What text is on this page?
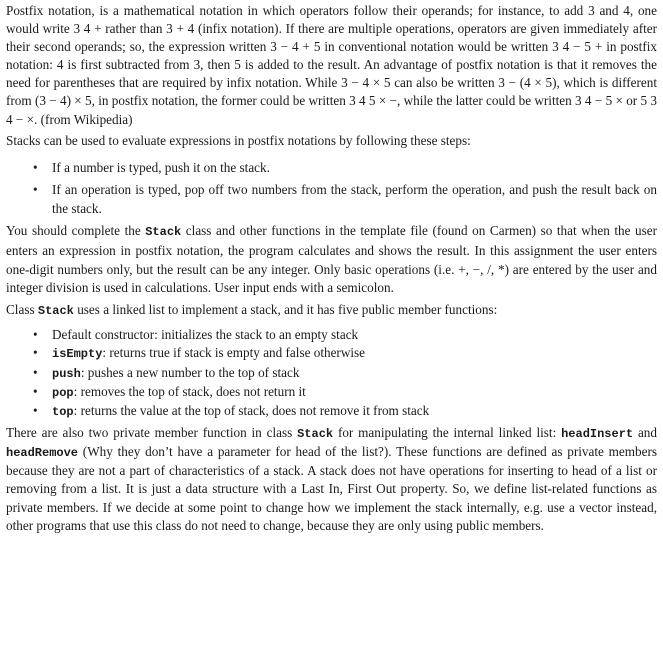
Postfix notation, is a mathematical notation in which operators follow their operands; for instance, to add 3 and 4, one would write 3 4 + rather than 3 + 4 (infix notation). If there are multiple operations, operators are given immediately after their second operands; so, the expression written 3 − 4 + 5 in conventional notation would be written 3 4 − 5 + in postfix notation: 4 is first subtracted from 3, then 5 is added to the result. An advantage of postfix notation is that it removes the need for parentheses that are required by infix notation. While 3 − 4 × 5 can also be written 3 − (4 × 5), which is different from (3 − 4) × 5, in postfix notation, the former could be written 3 4 5 × −, while the latter could be written 3 4 − 5 × or 5 3 4 − ×. (from Wikipedia)

Stacks can be used to evaluate expressions in postfix notations by following these steps:

• If a number is typed, push it on the stack.
• If an operation is typed, pop off two numbers from the stack, perform the operation, and push the result back on the stack.

You should complete the Stack class and other functions in the template file (found on Carmen) so that when the user enters an expression in postfix notation, the program calculates and shows the result. In this assignment the user enters one-digit numbers only, but the result can be any integer. Only basic operations (i.e. +, −, /, *) are entered by the user and integer division is used in calculations. User input ends with a semicolon.

Class Stack uses a linked list to implement a stack, and it has five public member functions:

• Default constructor: initializes the stack to an empty stack
• isEmpty: returns true if stack is empty and false otherwise
• push: pushes a new number to the top of stack
• pop: removes the top of stack, does not return it
• top: returns the value at the top of stack, does not remove it from stack

There are also two private member function in class Stack for manipulating the internal linked list: headInsert and headRemove (Why they don’t have a parameter for head of the list?). These functions are defined as private members because they are not a part of characteristics of a stack. A stack does not have operations for inserting to head of a list or removing from a list. It is just a data structure with a Last In, First Out property. So, we define list-related functions as private members. If we decide at some point to change how we implement the stack internally, e.g. use a vector instead, other programs that use this class do not need to change, because they are only using public members.
